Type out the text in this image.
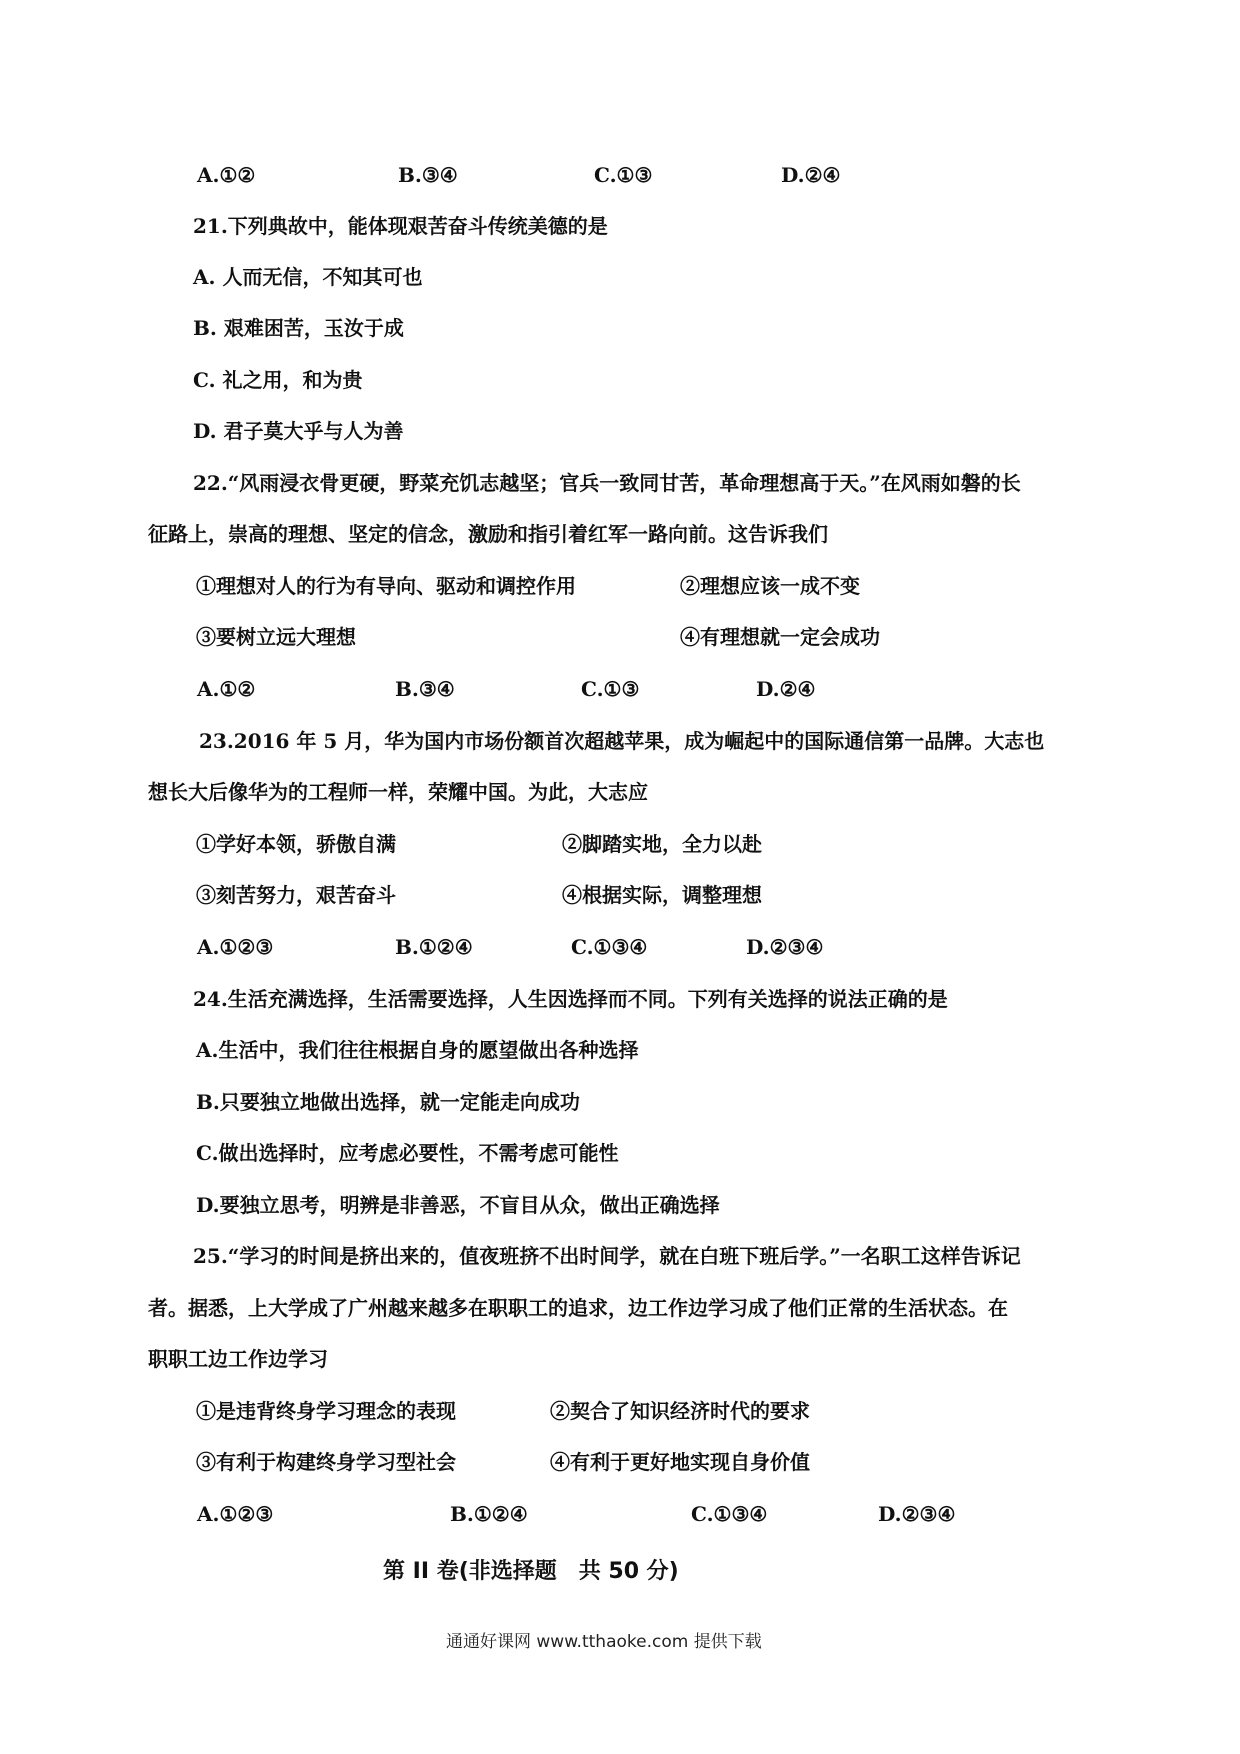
A.①②	B.③④	C.①③	D.②④
21.下列典故中，能体现艰苦奋斗传统美德的是
A. 人而无信，不知其可也
B. 艰难困苦，玉汝于成
C. 礼之用，和为贵
D. 君子莫大乎与人为善
22.“风雨浸衣骨更硬，野菜充饥志越坚；官兵一致同甘苦，革命理想高于天。”在风雨如磐的长
征路上，崇高的理想、坚定的信念，激励和指引着红军一路向前。这告诉我们
①理想对人的行为有导向、驱动和调控作用	②理想应该一成不变
③要树立远大理想	④有理想就一定会成功
A.①②	B.③④	C.①③	D.②④
23.2016 年 5 月，华为国内市场份额首次超越苹果，成为崛起中的国际通信第一品牌。大志也
想长大后像华为的工程师一样，荣耀中国。为此，大志应
①学好本领，骄傲自满	②脚踏实地，全力以赴
③刻苦努力，艰苦奋斗	④根据实际，调整理想
A.①②③	B.①②④	C.①③④	D.②③④
24.生活充满选择，生活需要选择，人生因选择而不同。下列有关选择的说法正确的是
A.生活中，我们往往根据自身的愿望做出各种选择
B.只要独立地做出选择，就一定能走向成功
C.做出选择时，应考虑必要性，不需考虑可能性
D.要独立思考，明辨是非善恶，不盲目从众，做出正确选择
25.“学习的时间是挤出来的，值夜班挤不出时间学，就在白班下班后学。”一名职工这样告诉记
者。据悉，上大学成了广州越来越多在职职工的追求，边工作边学习成了他们正常的生活状态。在
职职工边工作边学习
①是违背终身学习理念的表现	②契合了知识经济时代的要求
③有利于构建终身学习型社会	④有利于更好地实现自身价值
A.①②③	B.①②④	C.①③④	D.②③④
第 II 卷(非选择题　共 50 分)
通通好课网 www.tthaoke.com 提供下载
